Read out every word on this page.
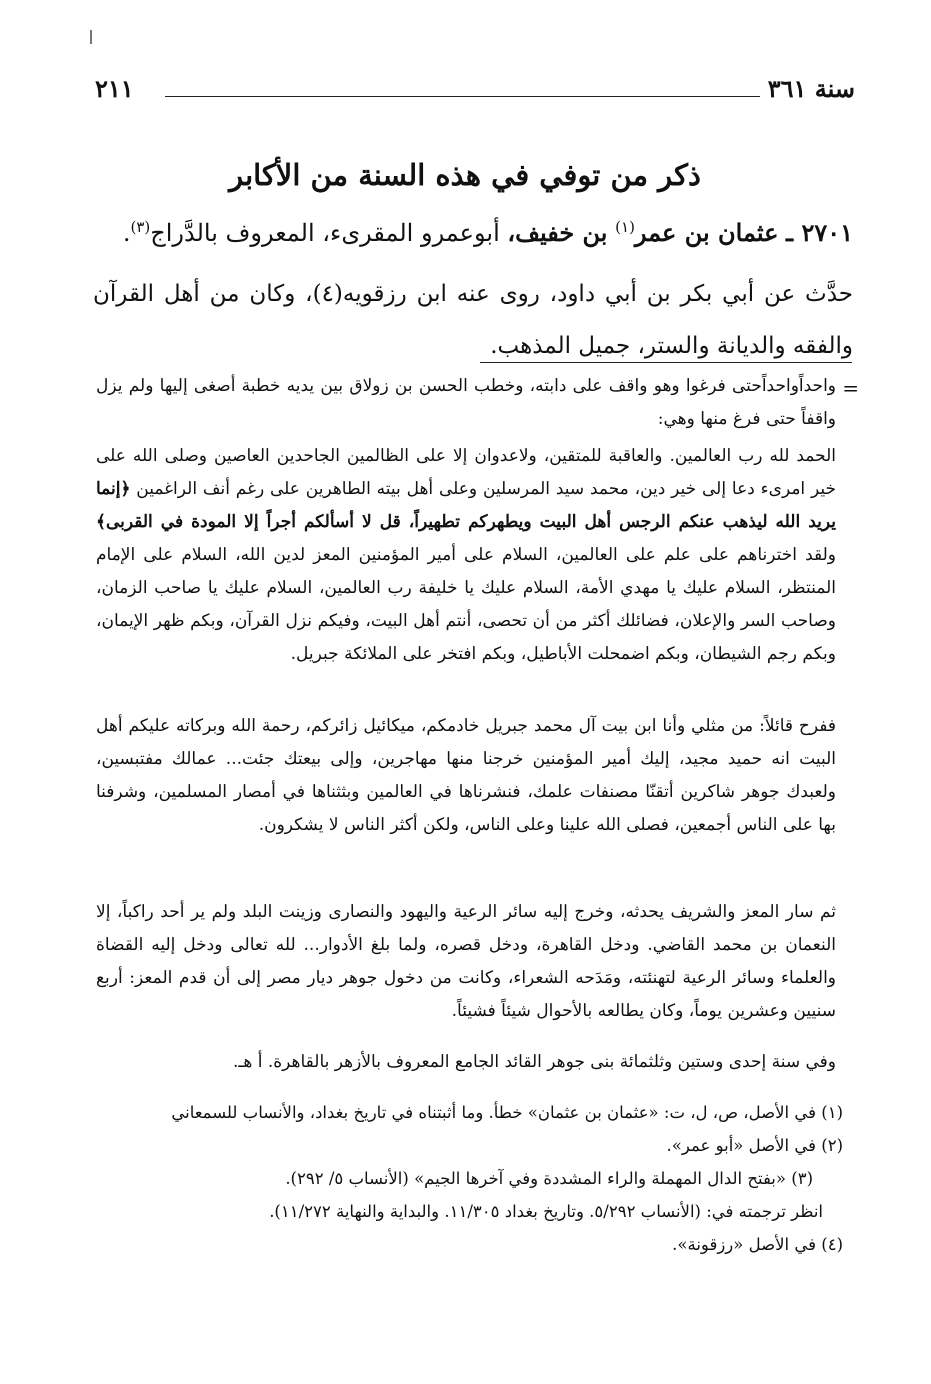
سنة ٣٦١
٢١١
ذكر من توفي في هذه السنة من الأكابر
٢٧٠١ ـ عثمان بن عمر$^{(١)}$ بن خفيف، أبوعمرو المقرىء، المعروف بالدَّراج$^{(٣)}$.
حدَّث عن أبي بكر بن أبي داود، روى عنه ابن رزقويه(٤)، وكان من أهل القرآن والفقه والديانة والستر، جميل المذهب.
=
واحداًواحداًحتى فرغوا وهو واقف على دابته، وخطب الحسن بن زولاق بين يديه خطبة أصغى إليها ولم يزل واقفاً حتى فرغ منها وهي:
الحمد لله رب العالمين. والعاقبة للمتقين، ولاعدوان إلا على الظالمين الجاحدين العاصين وصلى الله على خير امرىء دعا إلى خير دين، محمد سيد المرسلين وعلى أهل بيته الطاهرين على رغم أنف الراغمين ﴿إنما يريد الله ليذهب عنكم الرجس أهل البيت ويطهركم تطهيراً، قل لا أسألكم أجراً إلا المودة في القربى﴾ ولقد اخترناهم على علم على العالمين، السلام على أمير المؤمنين المعز لدين الله، السلام على الإمام المنتظر، السلام عليك يا مهدي الأمة، السلام عليك يا خليفة رب العالمين، السلام عليك يا صاحب الزمان، وصاحب السر والإعلان، فضائلك أكثر من أن تحصى، أنتم أهل البيت، وفيكم نزل القرآن، وبكم ظهر الإيمان، وبكم رجم الشيطان، وبكم اضمحلت الأباطيل، وبكم افتخر على الملائكة جبريل.
ففرح قائلاً: من مثلي وأنا ابن بيت آل محمد جبريل خادمكم، ميكائيل زائركم، رحمة الله وبركاته عليكم أهل البيت انه حميد مجيد، إليك أمير المؤمنين خرجنا منها مهاجرين، وإلى بيعتك جئت... عمالك مفتبسين، ولعبدك جوهر شاكرين أتقنّا مصنفات علمك، فنشرناها في العالمين وبثثناها في أمصار المسلمين، وشرفنا بها على الناس أجمعين، فصلى الله علينا وعلى الناس، ولكن أكثر الناس لا يشكرون.
ثم سار المعز والشريف يحدثه، وخرج إليه سائر الرعية واليهود والنصارى وزينت البلد ولم ير أحد راكباً، إلا النعمان بن محمد القاضي. ودخل القاهرة، ودخل قصره، ولما بلغ الأدوار... لله تعالى ودخل إليه القضاة والعلماء وسائر الرعية لتهنئته، ومَدَحه الشعراء، وكانت من دخول جوهر ديار مصر إلى أن قدم المعز: أربع سنيين وعشرين يوماً، وكان يطالعه بالأحوال شيئاً فشيئاً.
وفي سنة إحدى وستين وثلثمائة بنى جوهر القائد الجامع المعروف بالأزهر بالقاهرة. أ هـ.
(١) في الأصل، ص، ل، ت: «عثمان بن عثمان» خطأ. وما أثبتناه في تاريخ بغداد، والأنساب للسمعاني
(٢) في الأصل «أبو عمر».
(٣) «بفتح الدال المهملة والراء المشددة وفي آخرها الجيم» (الأنساب ٥/ ٢٩٢).
انظر ترجمته في: (الأنساب ٥/٢٩٢. وتاريخ بغداد ١١/٣٠٥. والبداية والنهاية ١١/٢٧٢).
(٤) في الأصل «رزقونة».
